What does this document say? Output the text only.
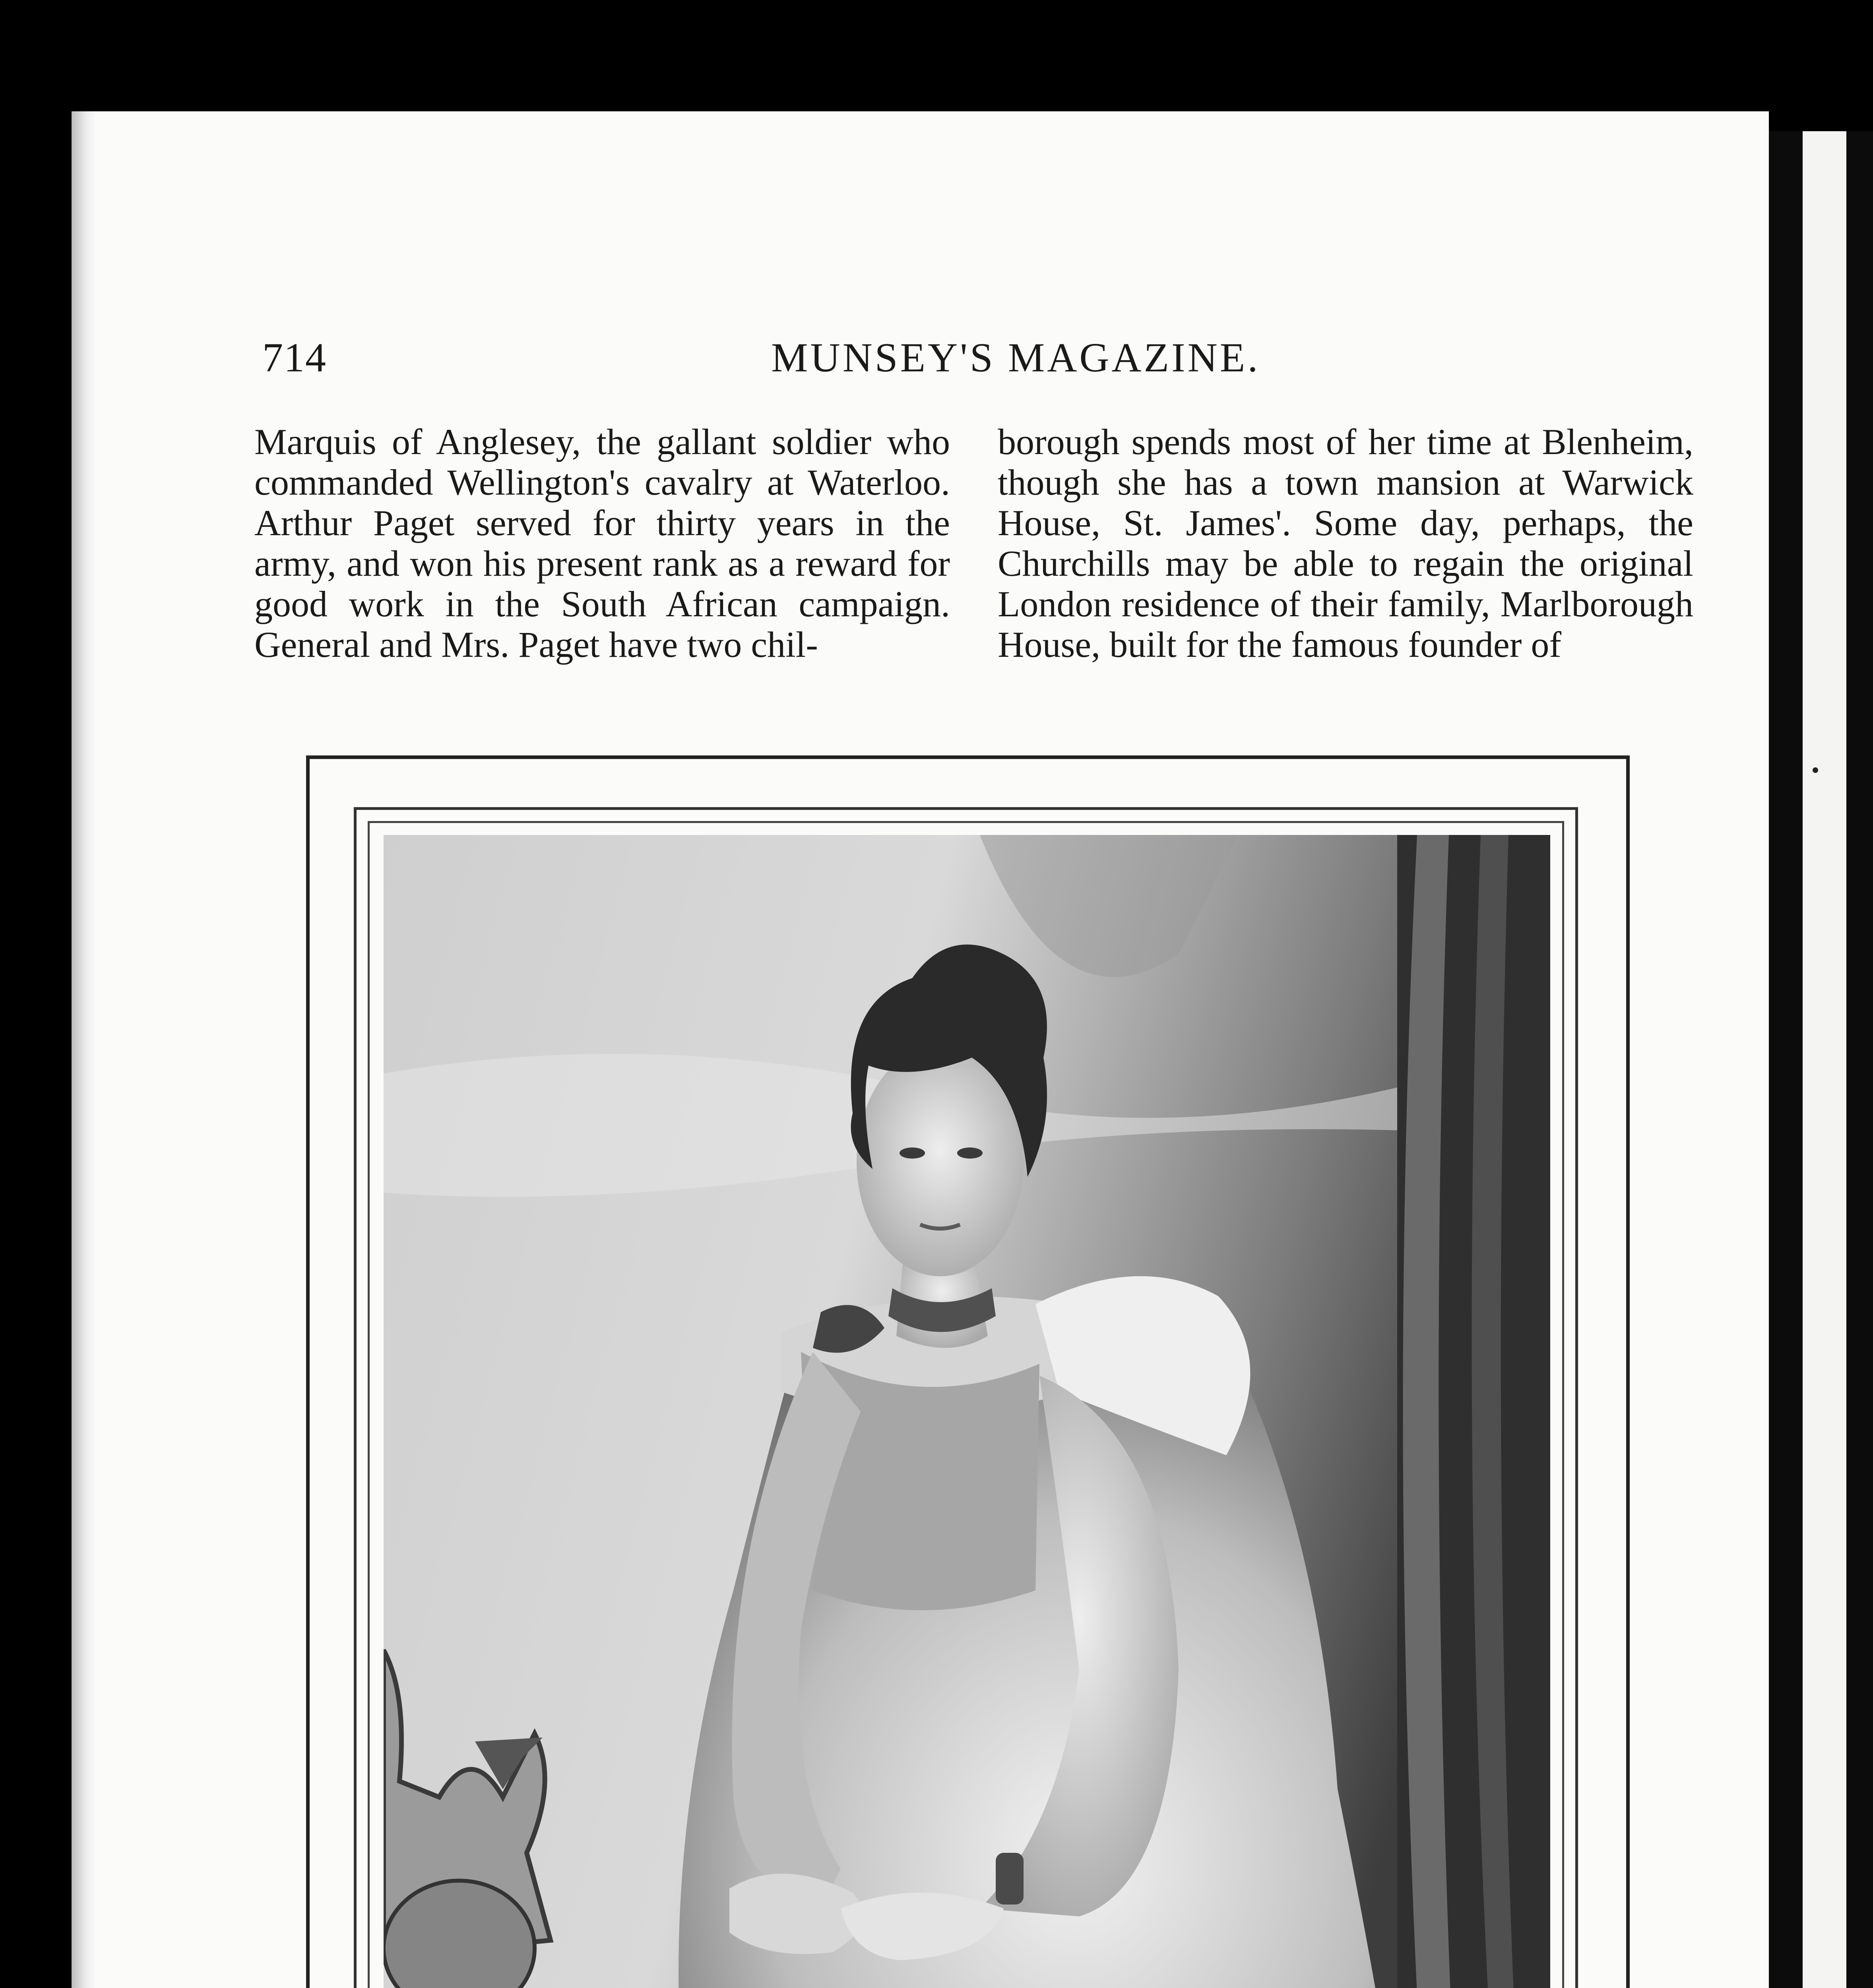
714	MUNSEY'S MAGAZINE.

Marquis of Anglesey, the gallant soldier who commanded Wellington's cavalry at Waterloo. Arthur Paget served for thirty years in the army, and won his present rank as a reward for good work in the South African campaign. General and Mrs. Paget have two chil-

borough spends most of her time at Blenheim, though she has a town mansion at Warwick House, St. James'. Some day, perhaps, the Churchills may be able to regain the original London residence of their family, Marlborough House, built for the famous founder of
